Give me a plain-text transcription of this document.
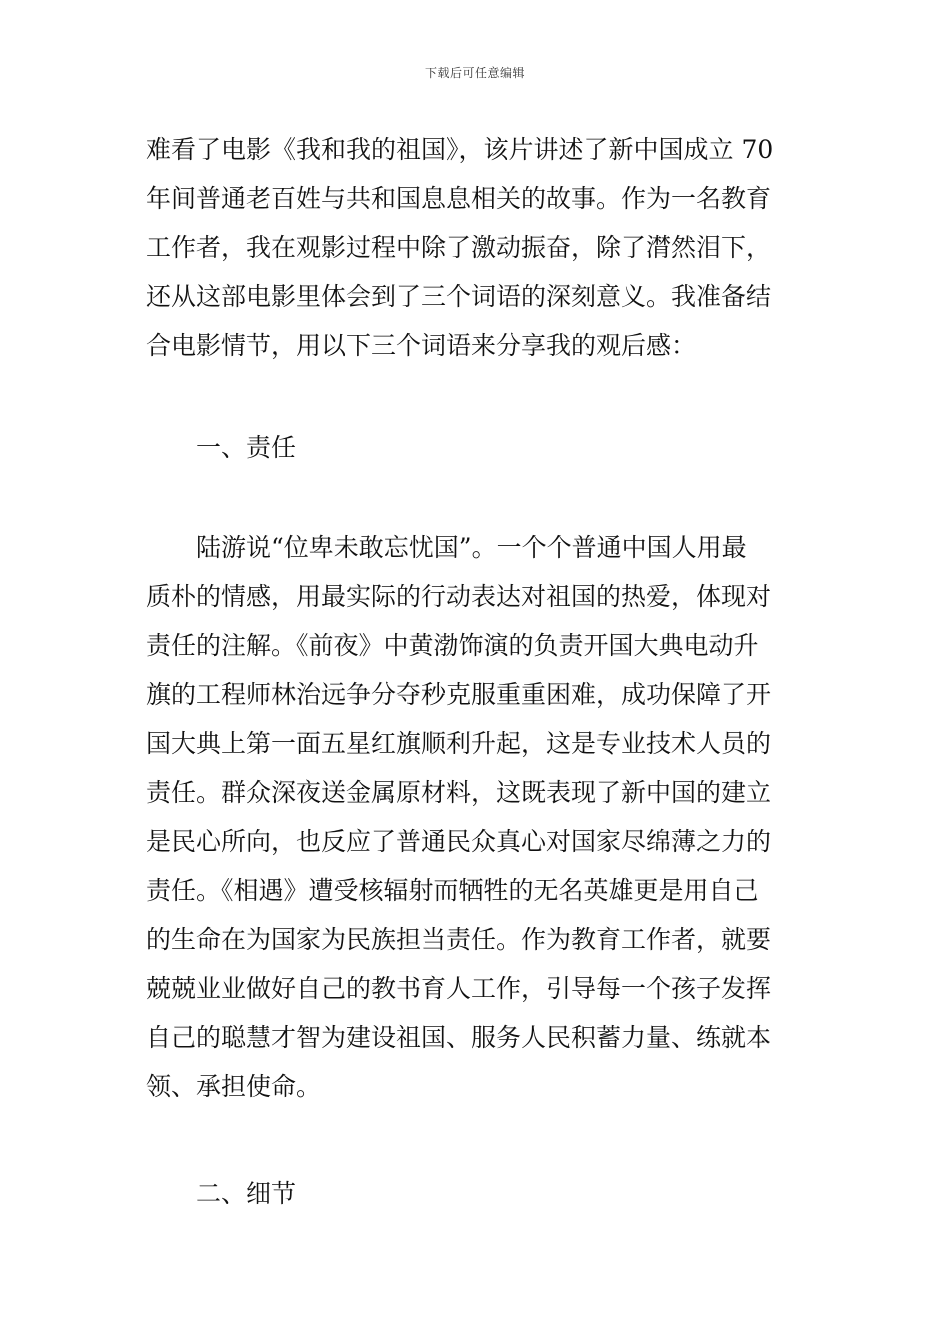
下载后可任意编辑
难看了电影《我和我的祖国》，该片讲述了新中国成立 70
年间普通老百姓与共和国息息相关的故事。作为一名教育
工作者，我在观影过程中除了激动振奋，除了潸然泪下，
还从这部电影里体会到了三个词语的深刻意义。我准备结
合电影情节，用以下三个词语来分享我的观后感：
一、责任
　　陆游说“位卑未敢忘忧国”。一个个普通中国人用最
质朴的情感，用最实际的行动表达对祖国的热爱，体现对
责任的注解。《前夜》中黄渤饰演的负责开国大典电动升
旗的工程师林治远争分夺秒克服重重困难，成功保障了开
国大典上第一面五星红旗顺利升起，这是专业技术人员的
责任。群众深夜送金属原材料，这既表现了新中国的建立
是民心所向，也反应了普通民众真心对国家尽绵薄之力的
责任。《相遇》遭受核辐射而牺牲的无名英雄更是用自己
的生命在为国家为民族担当责任。作为教育工作者，就要
兢兢业业做好自己的教书育人工作，引导每一个孩子发挥
自己的聪慧才智为建设祖国、服务人民积蓄力量、练就本
领、承担使命。
二、细节
